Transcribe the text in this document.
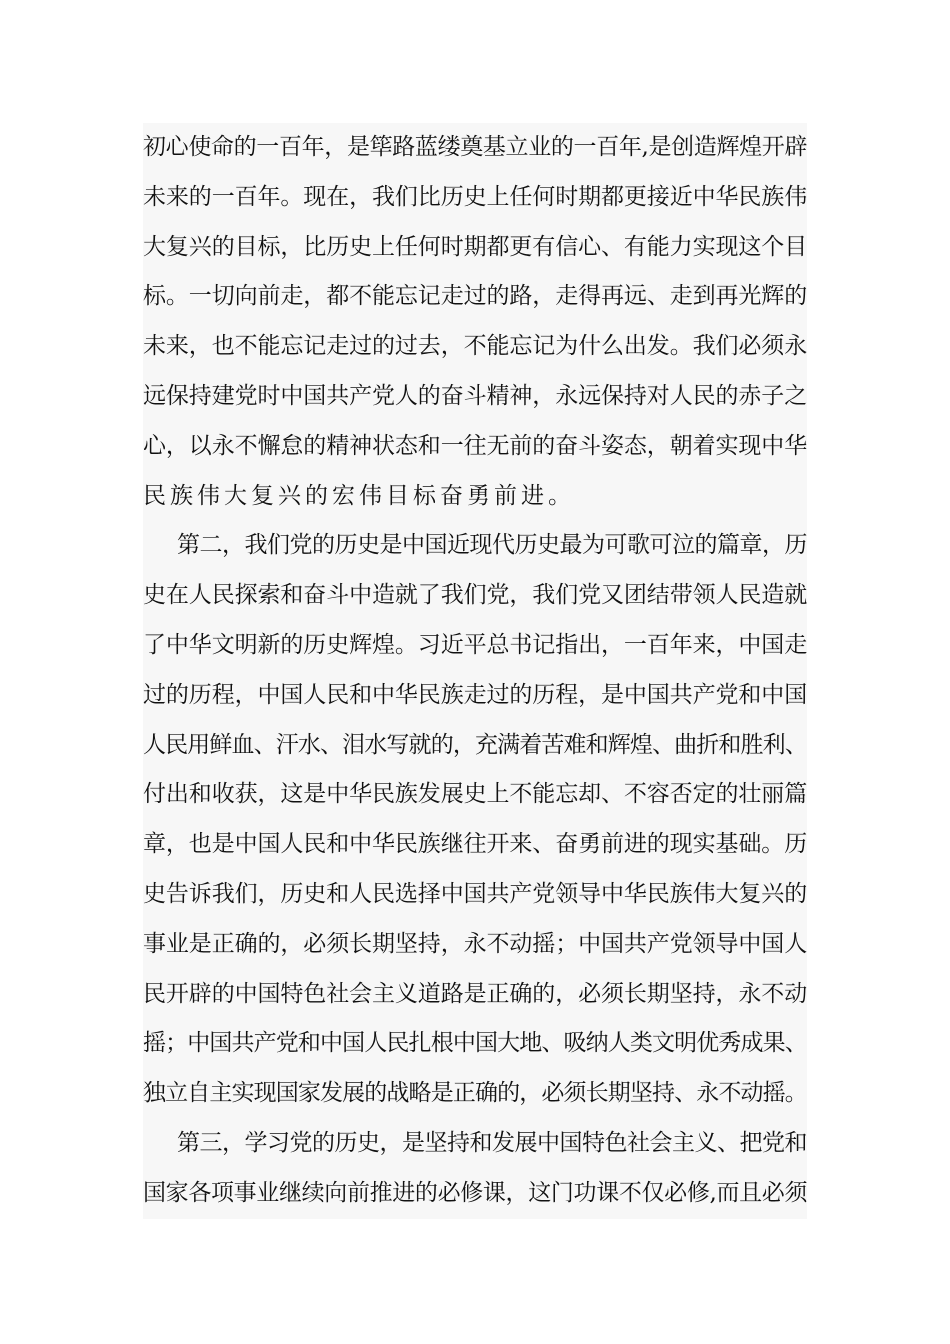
初心使命的一百年，是筚路蓝缕奠基立业的一百年,是创造辉煌开辟
未来的一百年。现在，我们比历史上任何时期都更接近中华民族伟
大复兴的目标，比历史上任何时期都更有信心、有能力实现这个目
标。一切向前走，都不能忘记走过的路，走得再远、走到再光辉的
未来，也不能忘记走过的过去，不能忘记为什么出发。我们必须永
远保持建党时中国共产党人的奋斗精神，永远保持对人民的赤子之
心，以永不懈怠的精神状态和一往无前的奋斗姿态，朝着实现中华
民族伟大复兴的宏伟目标奋勇前进。
第二，我们党的历史是中国近现代历史最为可歌可泣的篇章，历
史在人民探索和奋斗中造就了我们党，我们党又团结带领人民造就
了中华文明新的历史辉煌。习近平总书记指出，一百年来，中国走
过的历程，中国人民和中华民族走过的历程，是中国共产党和中国
人民用鲜血、汗水、泪水写就的，充满着苦难和辉煌、曲折和胜利、
付出和收获，这是中华民族发展史上不能忘却、不容否定的壮丽篇
章，也是中国人民和中华民族继往开来、奋勇前进的现实基础。历
史告诉我们，历史和人民选择中国共产党领导中华民族伟大复兴的
事业是正确的，必须长期坚持，永不动摇；中国共产党领导中国人
民开辟的中国特色社会主义道路是正确的，必须长期坚持，永不动
摇；中国共产党和中国人民扎根中国大地、吸纳人类文明优秀成果、
独立自主实现国家发展的战略是正确的，必须长期坚持、永不动摇。
第三，学习党的历史，是坚持和发展中国特色社会主义、把党和
国家各项事业继续向前推进的必修课，这门功课不仅必修,而且必须
